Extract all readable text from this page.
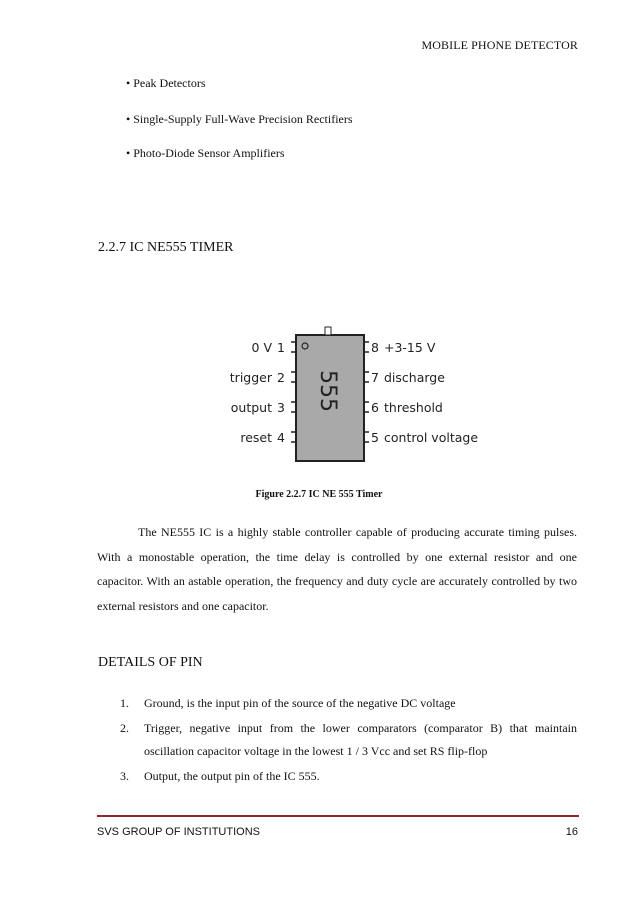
MOBILE PHONE DETECTOR
• Peak Detectors
• Single-Supply Full-Wave Precision Rectifiers
• Photo-Diode Sensor Amplifiers
2.2.7 IC NE555 TIMER
555
0 V 1
trigger 2
output 3
reset 4
8 +3-15 V
7 discharge
6 threshold
5 control voltage
Figure 2.2.7 IC NE 555 Timer
The NE555 IC is a highly stable controller capable of producing accurate timing pulses. With a monostable operation, the time delay is controlled by one external resistor and one capacitor. With an astable operation, the frequency and duty cycle are accurately controlled by two external resistors and one capacitor.
DETAILS OF PIN
1.	Ground, is the input pin of the source of the negative DC voltage
2.	Trigger, negative input from the lower comparators (comparator B) that maintain oscillation capacitor voltage in the lowest 1 / 3 Vcc and set RS flip-flop
3.	Output, the output pin of the IC 555.
SVS GROUP OF INSTITUTIONS	16
